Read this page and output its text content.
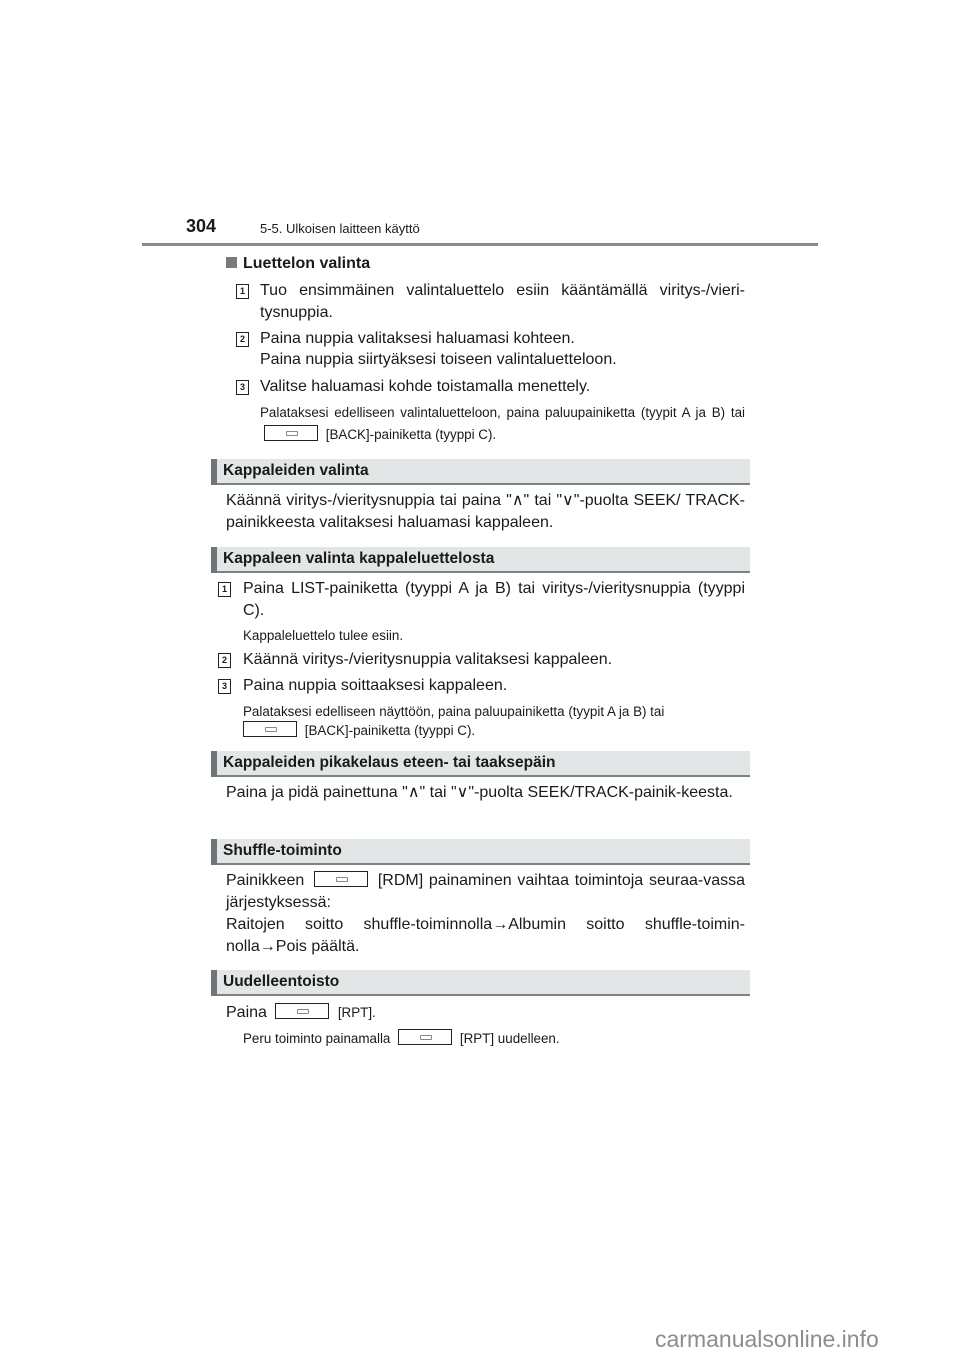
304	5-5. Ulkoisen laitteen käyttö
Luettelon valinta
1 Tuo ensimmäinen valintaluettelo esiin kääntämällä viritys-/vieri-tysnuppia.
2 Paina nuppia valitaksesi haluamasi kohteen.
Paina nuppia siirtyäksesi toiseen valintaluetteloon.
3 Valitse haluamasi kohde toistamalla menettely.
Palataksesi edelliseen valintaluetteloon, paina paluupainiketta (tyypit A ja B) tai  [BACK]-painiketta (tyyppi C).
Kappaleiden valinta
Käännä viritys-/vieritysnuppia tai paina "∧" tai "∨"-puolta SEEK/ TRACK-painikkeesta valitaksesi haluamasi kappaleen.
Kappaleen valinta kappaleluettelosta
1 Paina LIST-painiketta (tyyppi A ja B) tai viritys-/vieritysnuppia (tyyppi C).
Kappaleluettelo tulee esiin.
2 Käännä viritys-/vieritysnuppia valitaksesi kappaleen.
3 Paina nuppia soittaaksesi kappaleen.
Palataksesi edelliseen näyttöön, paina paluupainiketta (tyypit A ja B) tai
[BACK]-painiketta (tyyppi C).
Kappaleiden pikakelaus eteen- tai taaksepäin
Paina ja pidä painettuna "∧" tai "∨"-puolta SEEK/TRACK-painik-keesta.
Shuffle-toiminto
Painikkeen	[RDM] painaminen vaihtaa toimintoja seuraa-vassa järjestyksessä:
Raitojen soitto shuffle-toiminnolla→Albumin soitto shuffle-toimin-nolla→Pois päältä.
Uudelleentoisto
Paina	[RPT].
Peru toiminto painamalla	[RPT] uudelleen.
carmanualsonline.info
